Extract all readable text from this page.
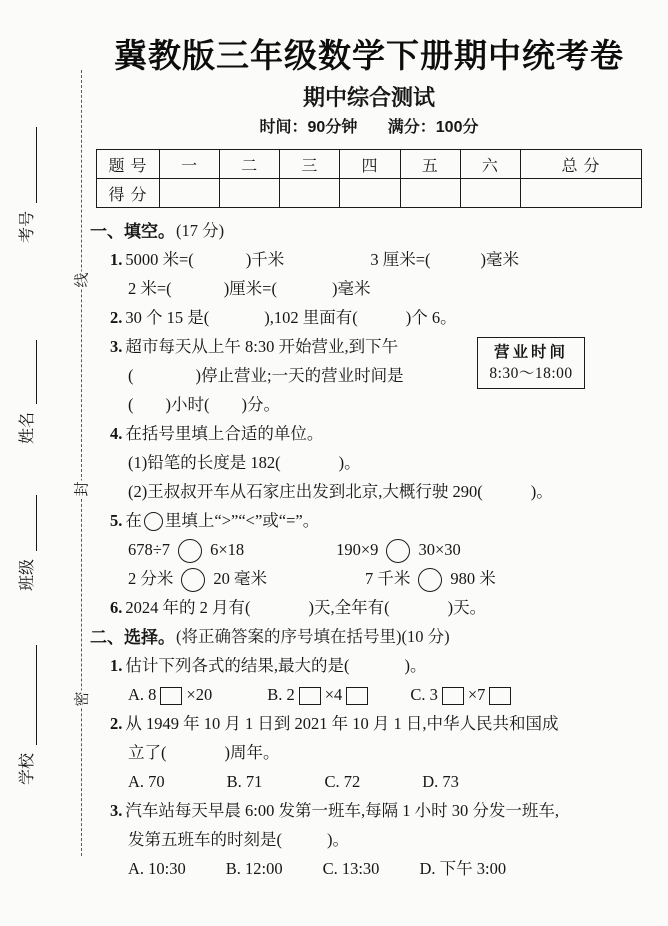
线
封
密
考号
姓名
班级
学校
冀教版三年级数学下册期中统考卷
期中综合测试
时间：90分钟 满分：100分
题 号	一	二	三	四	五	六	总 分
得 分							
一、填空。 (17 分)
1. 5000 米=(	)千米	3 厘米=(	)毫米
2 米=(	)厘米=(	)毫米
2. 30 个 15 是(	),102 里面有(	)个 6。
3. 超市每天从上午 8:30 开始营业,到下午
(	)停止营业;一天的营业时间是
( )小时( )分。
4. 在括号里填上合适的单位。
(1)铅笔的长度是 182(	)。
(2)王叔叔开车从石家庄出发到北京,大概行驶 290(	)。
5. 在 里填上“>”“<”或“=”。
678÷7 6×18	190×9 30×30
2 分米 20 毫米	7 千米 980 米
6. 2024 年的 2 月有(	)天,全年有(	)天。
二、选择。 (将正确答案的序号填在括号里)(10 分)
1. 估计下列各式的结果,最大的是(	)。
A. 8 ×20	B. 2 ×4	C. 3 ×7
2. 从 1949 年 10 月 1 日到 2021 年 10 月 1 日,中华人民共和国成
立了(	)周年。
A. 70	B. 71	C. 72	D. 73
3. 汽车站每天早晨 6:00 发第一班车,每隔 1 小时 30 分发一班车,
发第五班车的时刻是(	)。
A. 10:30 B. 12:00 C. 13:30 D. 下午 3:00
营业时间
8:30～18:00
